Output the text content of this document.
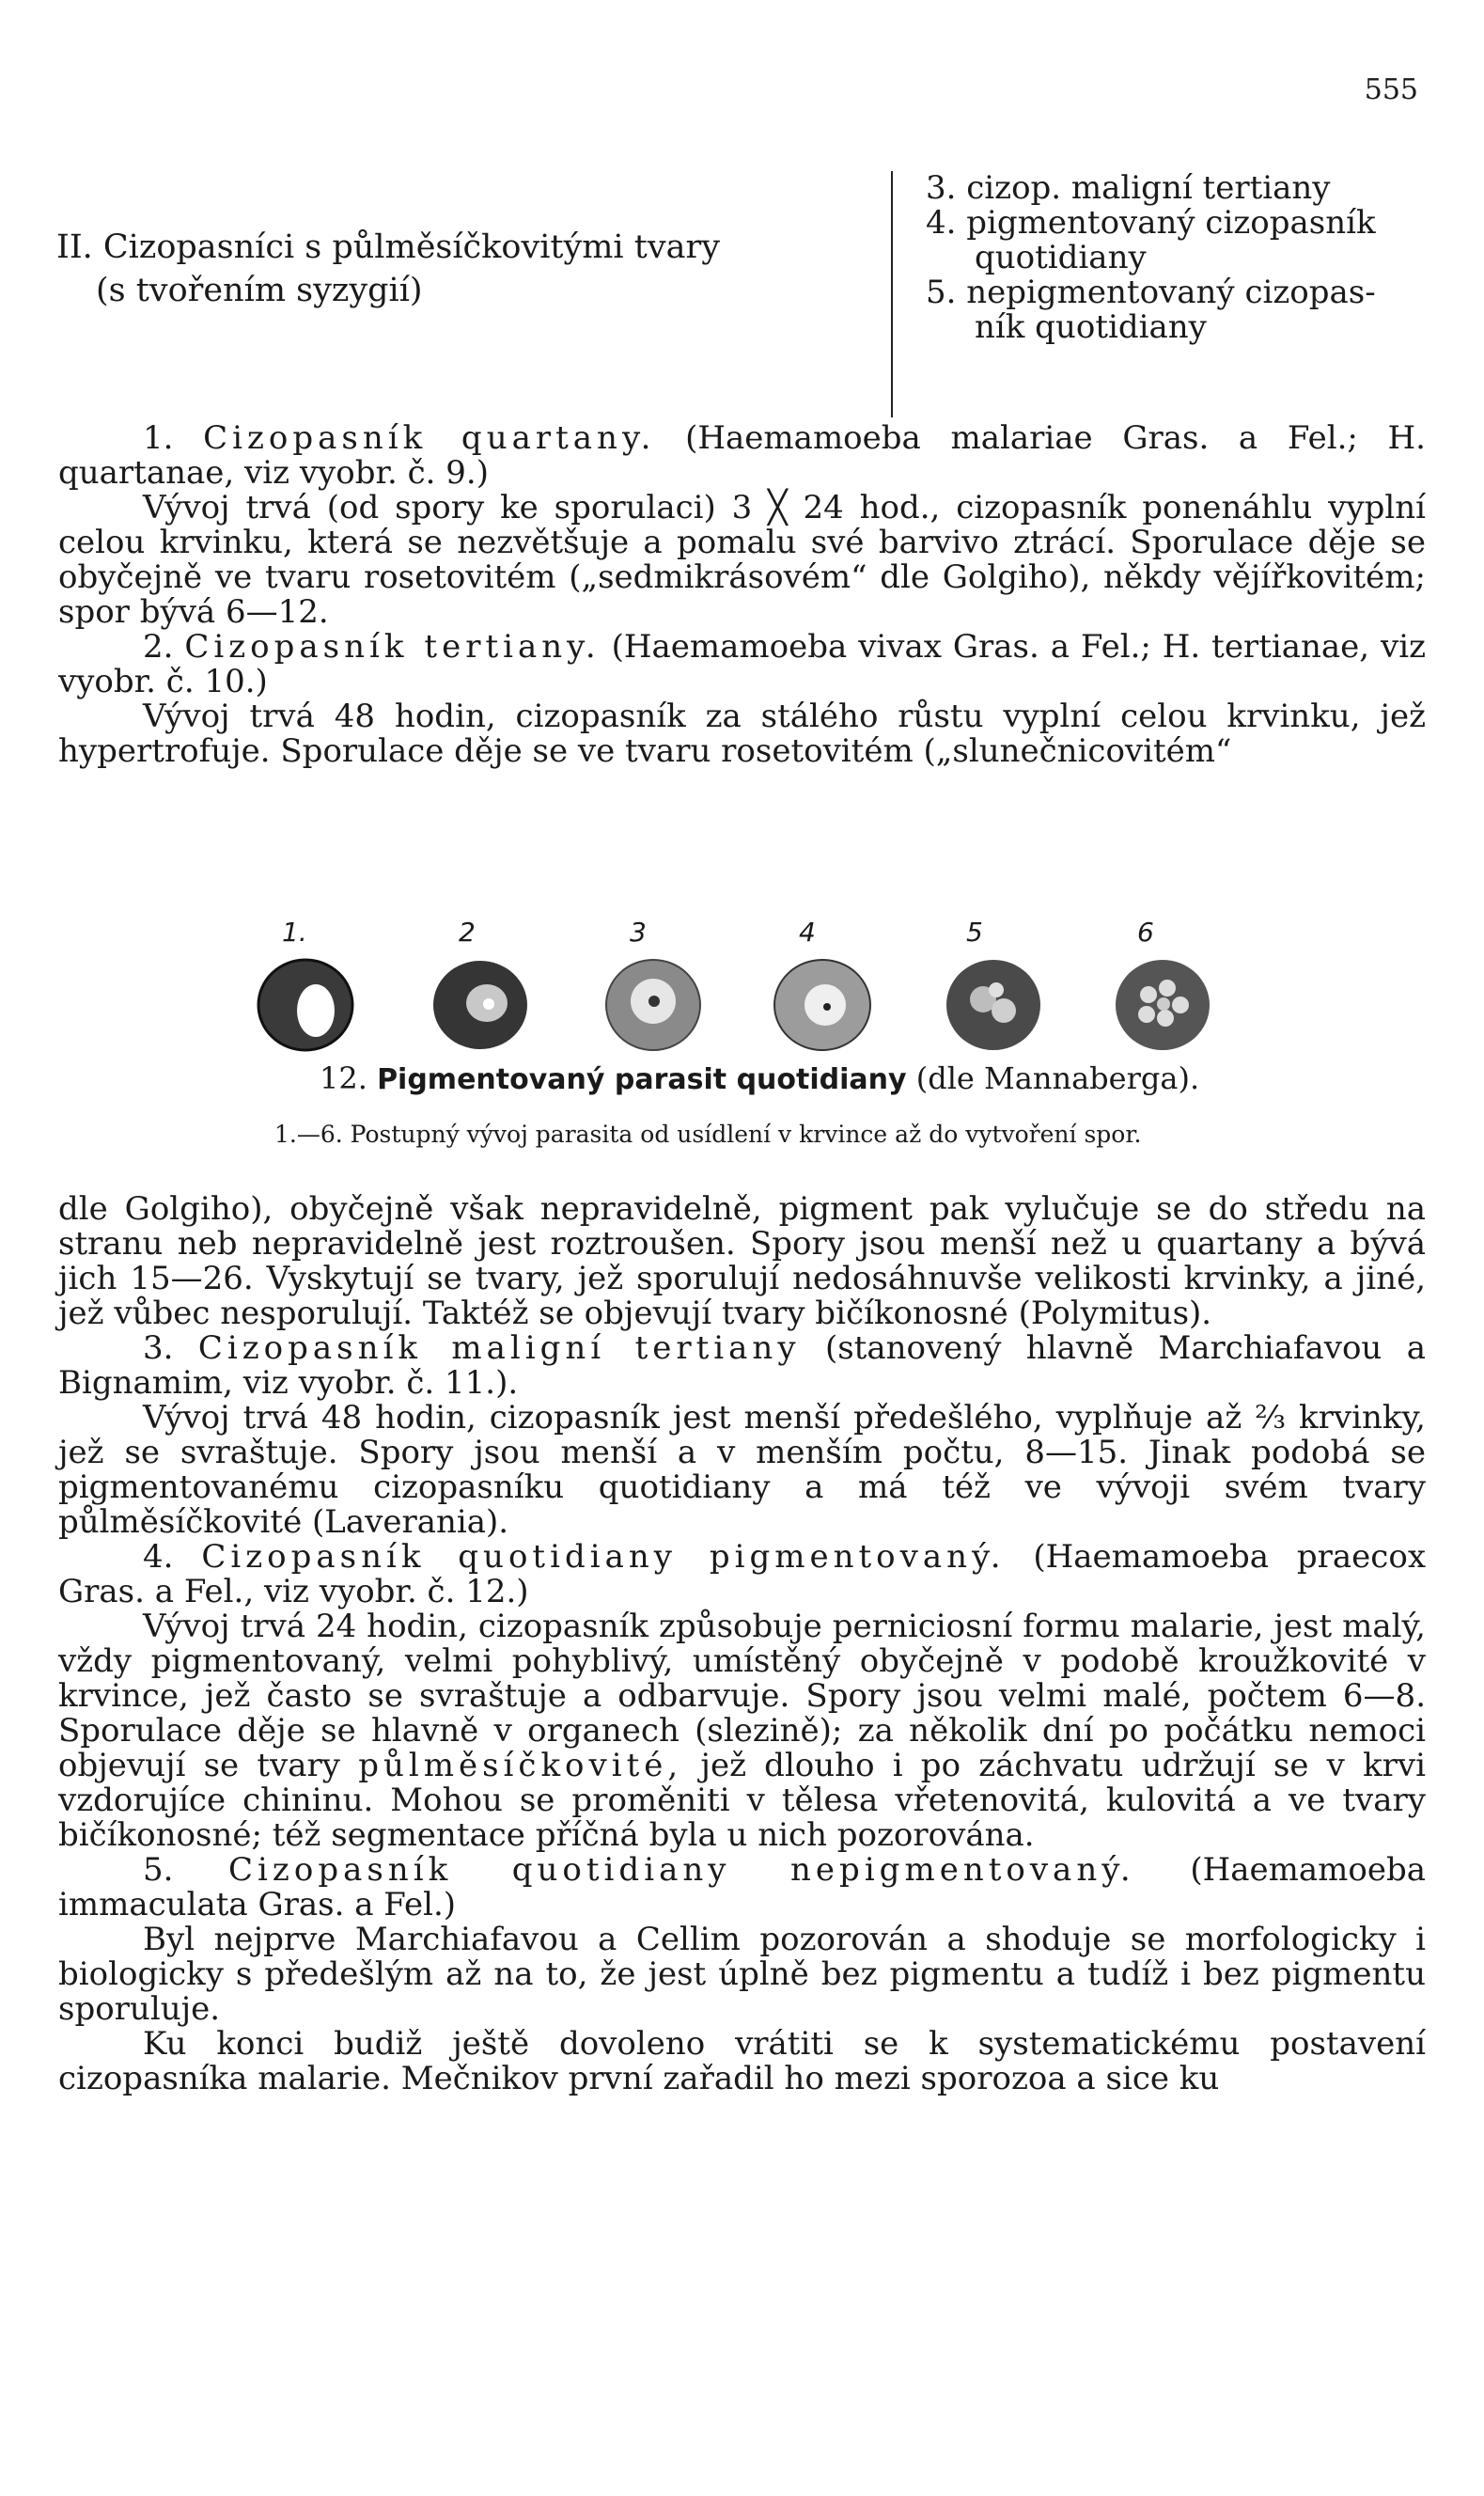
555
II. Cizopasníci s půlměsíčkovitými tvary
(s tvořením syzygií)
3. cizop. maligní tertiany
4. pigmentovaný cizopasník
quotidiany
5. nepigmentovaný cizopas-
ník quotidiany

1. Cizopasník quartany. (Haemamoeba malariae Gras. a Fel.; H. quartanae, viz vyobr. č. 9.)

Vývoj trvá (od spory ke sporulaci) 3 ╳ 24 hod., cizopasník ponenáhlu vyplní celou krvinku, která se nezvětšuje a pomalu své barvivo ztrácí. Sporulace děje se obyčejně ve tvaru rosetovitém („sedmikrásovém“ dle Golgiho), někdy vějířkovitém; spor bývá 6—12.

2. Cizopasník tertiany. (Haemamoeba vivax Gras. a Fel.; H. tertianae, viz vyobr. č. 10.)

Vývoj trvá 48 hodin, cizopasník za stálého růstu vyplní celou krvinku, jež hypertrofuje. Sporulace děje se ve tvaru rosetovitém („slunečnicovitém“

1.	2	3	4	5	6
12. Pigmentovaný parasit quotidiany (dle Mannaberga).
1.—6. Postupný vývoj parasita od usídlení v krvince až do vytvoření spor.

dle Golgiho), obyčejně však nepravidelně, pigment pak vylučuje se do středu na stranu neb nepravidelně jest roztroušen. Spory jsou menší než u quartany a bývá jich 15—26. Vyskytují se tvary, jež sporulují nedosáhnuvše velikosti krvinky, a jiné, jež vůbec nesporulují. Taktéž se objevují tvary bičíkonosné (Polymitus).

3. Cizopasník maligní tertiany (stanovený hlavně Marchiafavou a Bignamim, viz vyobr. č. 11.).

Vývoj trvá 48 hodin, cizopasník jest menší předešlého, vyplňuje až ⅔ krvinky, jež se svraštuje. Spory jsou menší a v menším počtu, 8—15. Jinak podobá se pigmentovanému cizopasníku quotidiany a má též ve vývoji svém tvary půlměsíčkovité (Laverania).

4. Cizopasník quotidiany pigmentovaný. (Haemamoeba praecox Gras. a Fel., viz vyobr. č. 12.)

Vývoj trvá 24 hodin, cizopasník způsobuje perniciosní formu malarie, jest malý, vždy pigmentovaný, velmi pohyblivý, umístěný obyčejně v podobě kroužkovité v krvince, jež často se svraštuje a odbarvuje. Spory jsou velmi malé, počtem 6—8. Sporulace děje se hlavně v organech (slezině); za několik dní po počátku nemoci objevují se tvary půlměsíčkovité, jež dlouho i po záchvatu udržují se v krvi vzdorujíce chininu. Mohou se proměniti v tělesa vřetenovitá, kulovitá a ve tvary bičíkonosné; též segmentace příčná byla u nich pozorována.

5. Cizopasník quotidiany nepigmentovaný. (Haemamoeba immaculata Gras. a Fel.)

Byl nejprve Marchiafavou a Cellim pozorován a shoduje se morfologicky i biologicky s předešlým až na to, že jest úplně bez pigmentu a tudíž i bez pigmentu sporuluje.

Ku konci budiž ještě dovoleno vrátiti se k systematickému postavení cizopasníka malarie. Mečnikov první zařadil ho mezi sporozoa a sice ku
